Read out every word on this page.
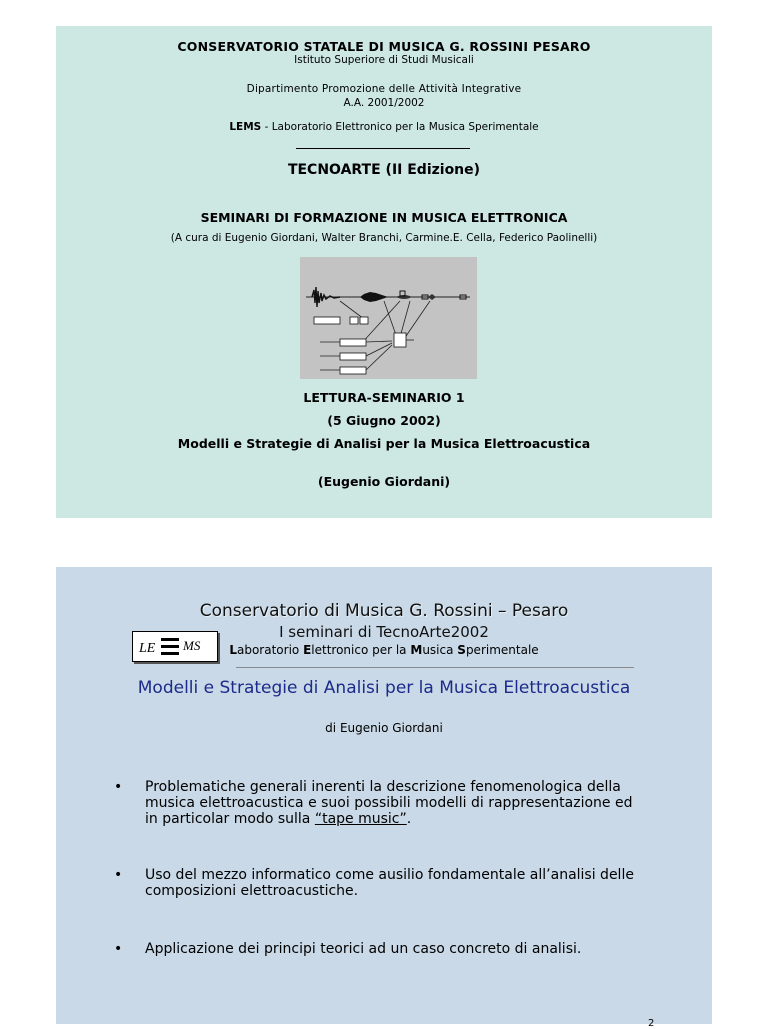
CONSERVATORIO STATALE DI MUSICA G. ROSSINI PESARO
Istituto Superiore di Studi Musicali
Dipartimento Promozione delle Attività Integrative
A.A. 2001/2002
LEMS - Laboratorio Elettronico per la Musica Sperimentale
TECNOARTE (II Edizione)
SEMINARI DI FORMAZIONE IN MUSICA ELETTRONICA
(A cura di Eugenio Giordani, Walter Branchi, Carmine.E. Cella, Federico Paolinelli)
LETTURA-SEMINARIO 1
(5 Giugno 2002)
Modelli e Strategie di Analisi per la Musica Elettroacustica
(Eugenio Giordani)
Conservatorio di Musica G. Rossini – Pesaro
I seminari di TecnoArte2002
LE MS	Laboratorio Elettronico per la Musica Sperimentale
Modelli e Strategie di Analisi per la Musica Elettroacustica
di Eugenio Giordani
•	Problematiche generali inerenti la descrizione fenomenologica della
musica elettroacustica e suoi possibili modelli di rappresentazione ed
in particolar modo sulla “tape music”.
•	Uso del mezzo informatico come ausilio fondamentale all’analisi delle
composizioni elettroacustiche.
•	Applicazione dei principi teorici ad un caso concreto di analisi.
2
